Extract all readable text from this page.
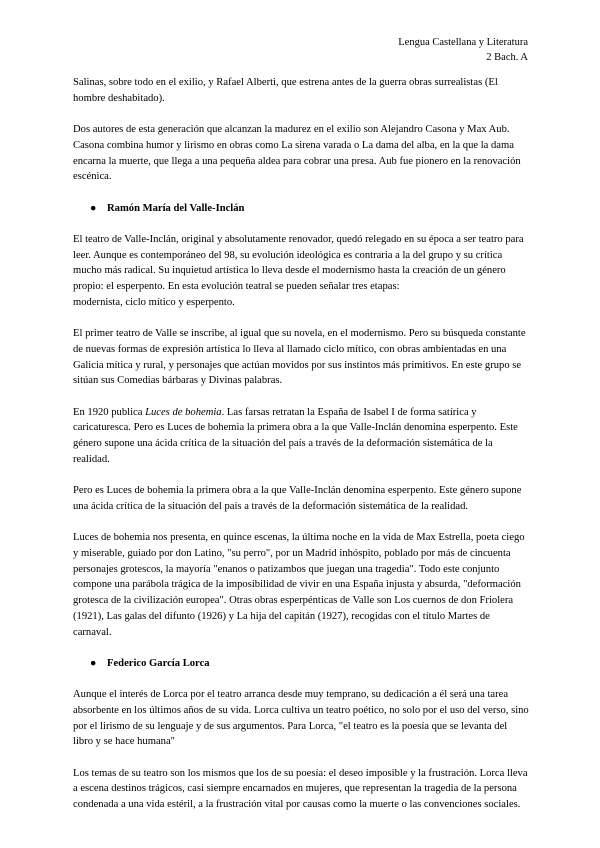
Lengua Castellana y Literatura
2 Bach. A

Salinas, sobre todo en el exilio, y Rafael Alberti, que estrena antes de la guerra obras surrealistas (El hombre deshabitado).

Dos autores de esta generación que alcanzan la madurez en el exilio son Alejandro Casona y Max Aub. Casona combina humor y lirismo en obras como La sirena varada o La dama del alba, en la que la dama encarna la muerte, que llega a una pequeña aldea para cobrar una presa. Aub fue pionero en la renovación escénica.

● Ramón María del Valle-Inclán

El teatro de Valle-Inclán, original y absolutamente renovador, quedó relegado en su época a ser teatro para leer. Aunque es contemporáneo del 98, su evolución ideológica es contraria a la del grupo y su crítica mucho más radical. Su inquietud artística lo lleva desde el modernismo hasta la creación de un género propio: el esperpento. En esta evolución teatral se pueden señalar tres etapas:

modernista, ciclo mítico y esperpento.

El primer teatro de Valle se inscribe, al igual que su novela, en el modernismo. Pero su búsqueda constante de nuevas formas de expresión artística lo lleva al llamado ciclo mítico, con obras ambientadas en una Galicia mítica y rural, y personajes que actúan movidos por sus instintos más primitivos. En este grupo se sitúan sus Comedias bárbaras y Divinas palabras.

En 1920 publica Luces de bohemia. Las farsas retratan la España de Isabel I de forma satírica y caricaturesca. Pero es Luces de bohemia la primera obra a la que Valle-Inclán denomina esperpento. Este género supone una ácida crítica de la situación del país a través de la deformación sistemática de la realidad.

Pero es Luces de bohemia la primera obra a la que Valle-Inclán denomina esperpento. Este género supone una ácida crítica de la situación del país a través de la deformación sistemática de la realidad.

Luces de bohemia nos presenta, en quince escenas, la última noche en la vida de Max Estrella, poeta ciego y miserable, guiado por don Latino, "su perro", por un Madrid inhóspito, poblado por más de cincuenta personajes grotescos, la mayoría "enanos o patizambos que juegan una tragedia". Todo este conjunto compone una parábola trágica de la imposibilidad de vivir en una España injusta y absurda, "deformación grotesca de la civilización europea". Otras obras esperpénticas de Valle son Los cuernos de don Friolera (1921), Las galas del difunto (1926) y La hija del capitán (1927), recogidas con el título Martes de carnaval.

● Federico García Lorca

Aunque el interés de Lorca por el teatro arranca desde muy temprano, su dedicación a él será una tarea absorbente en los últimos años de su vida. Lorca cultiva un teatro poético, no solo por el uso del verso, sino por el lirismo de su lenguaje y de sus argumentos. Para Lorca, "el teatro es la poesía que se levanta del libro y se hace humana"

Los temas de su teatro son los mismos que los de su poesía: el deseo imposible y la frustración. Lorca lleva a escena destinos trágicos, casi siempre encarnados en mujeres, que representan la tragedia de la persona condenada a una vida estéril, a la frustración vital por causas como la muerte o las convenciones sociales.
